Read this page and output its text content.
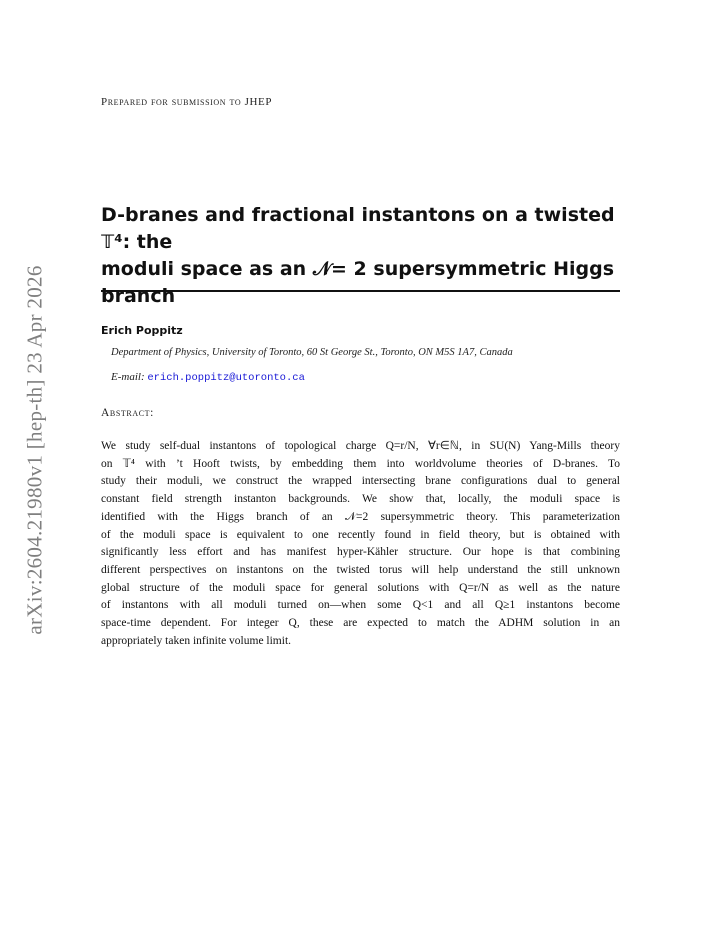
arXiv:2604.21980v1 [hep-th] 23 Apr 2026
Prepared for submission to JHEP
D-branes and fractional instantons on a twisted 𝕋⁴: the
moduli space as an 𝒩= 2 supersymmetric Higgs branch
Erich Poppitz
Department of Physics, University of Toronto, 60 St George St., Toronto, ON M5S 1A7, Canada
E-mail: erich.poppitz@utoronto.ca
Abstract:
We study self-dual instantons of topological charge Q=r/N, ∀r∈ℕ, in SU(N) Yang-Mills theory
on 𝕋⁴ with ’t Hooft twists, by embedding them into worldvolume theories of D-branes. To
study their moduli, we construct the wrapped intersecting brane configurations dual to general
constant field strength instanton backgrounds. We show that, locally, the moduli space is
identified with the Higgs branch of an 𝒩=2 supersymmetric theory. This parameterization
of the moduli space is equivalent to one recently found in field theory, but is obtained with
significantly less effort and has manifest hyper-Kähler structure. Our hope is that combining
different perspectives on instantons on the twisted torus will help understand the still unknown
global structure of the moduli space for general solutions with Q=r/N as well as the nature
of instantons with all moduli turned on—when some Q<1 and all Q≥1 instantons become
space-time dependent. For integer Q, these are expected to match the ADHM solution in an
appropriately taken infinite volume limit.
